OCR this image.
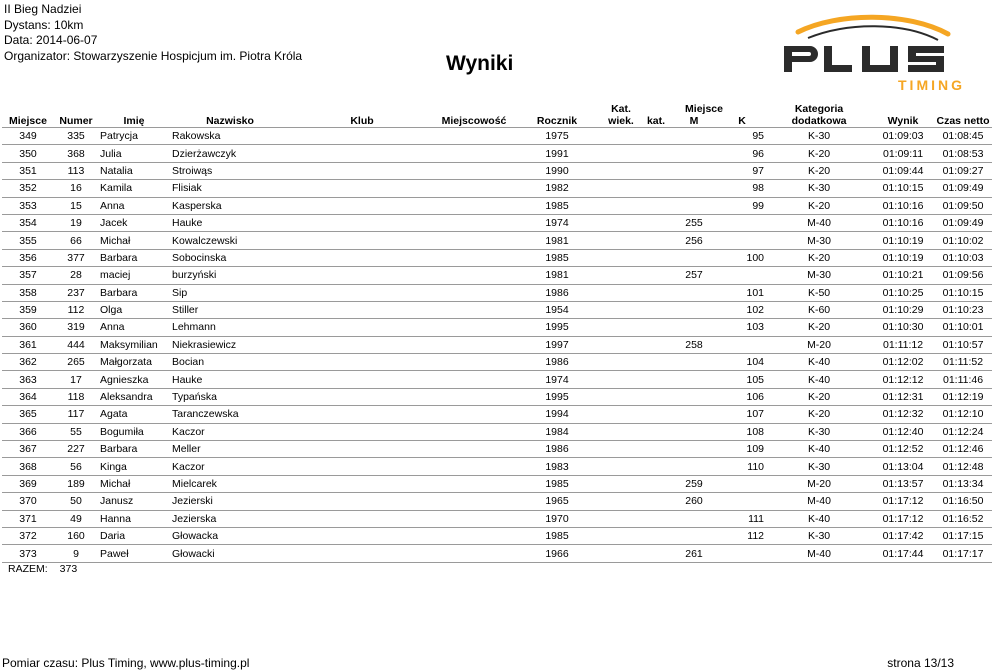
II Bieg Nadziei
Dystans: 10km
Data: 2014-06-07
Organizator: Stowarzyszenie Hospicjum im. Piotra Króla	Wyniki
TIMING
Miejsce	Numer	Imię	Nazwisko	Klub	Miejscowość	Rocznik	Kat.	Miejsce			Kategoria dodatkowa	Wynik	Czas netto
							wiek.	kat.	M	K			
349	335	Patrycja	Rakowska			1975				95	K-30	01:09:03	01:08:45
350	368	Julia	Dzierżawczyk			1991				96	K-20	01:09:11	01:08:53
351	113	Natalia	Stroiwąs			1990				97	K-20	01:09:44	01:09:27
352	16	Kamila	Flisiak			1982				98	K-30	01:10:15	01:09:49
353	15	Anna	Kasperska			1985				99	K-20	01:10:16	01:09:50
354	19	Jacek	Hauke			1974			255		M-40	01:10:16	01:09:49
355	66	Michał	Kowalczewski			1981			256		M-30	01:10:19	01:10:02
356	377	Barbara	Sobocinska			1985				100	K-20	01:10:19	01:10:03
357	28	maciej	burzyński			1981			257		M-30	01:10:21	01:09:56
358	237	Barbara	Sip			1986				101	K-50	01:10:25	01:10:15
359	112	Olga	Stiller			1954				102	K-60	01:10:29	01:10:23
360	319	Anna	Lehmann			1995				103	K-20	01:10:30	01:10:01
361	444	Maksymilian	Niekrasiewicz			1997			258		M-20	01:11:12	01:10:57
362	265	Małgorzata	Bocian			1986				104	K-40	01:12:02	01:11:52
363	17	Agnieszka	Hauke			1974				105	K-40	01:12:12	01:11:46
364	118	Aleksandra	Typańska			1995				106	K-20	01:12:31	01:12:19
365	117	Agata	Taranczewska			1994				107	K-20	01:12:32	01:12:10
366	55	Bogumiła	Kaczor			1984				108	K-30	01:12:40	01:12:24
367	227	Barbara	Meller			1986				109	K-40	01:12:52	01:12:46
368	56	Kinga	Kaczor			1983				110	K-30	01:13:04	01:12:48
369	189	Michał	Mielcarek			1985			259		M-20	01:13:57	01:13:34
370	50	Janusz	Jezierski			1965			260		M-40	01:17:12	01:16:50
371	49	Hanna	Jezierska			1970				111	K-40	01:17:12	01:16:52
372	160	Daria	Głowacka			1985				112	K-30	01:17:42	01:17:15
373	9	Paweł	Głowacki			1966			261		M-40	01:17:44	01:17:17
RAZEM: 373
Pomiar czasu: Plus Timing, www.plus-timing.pl	strona 13/13
